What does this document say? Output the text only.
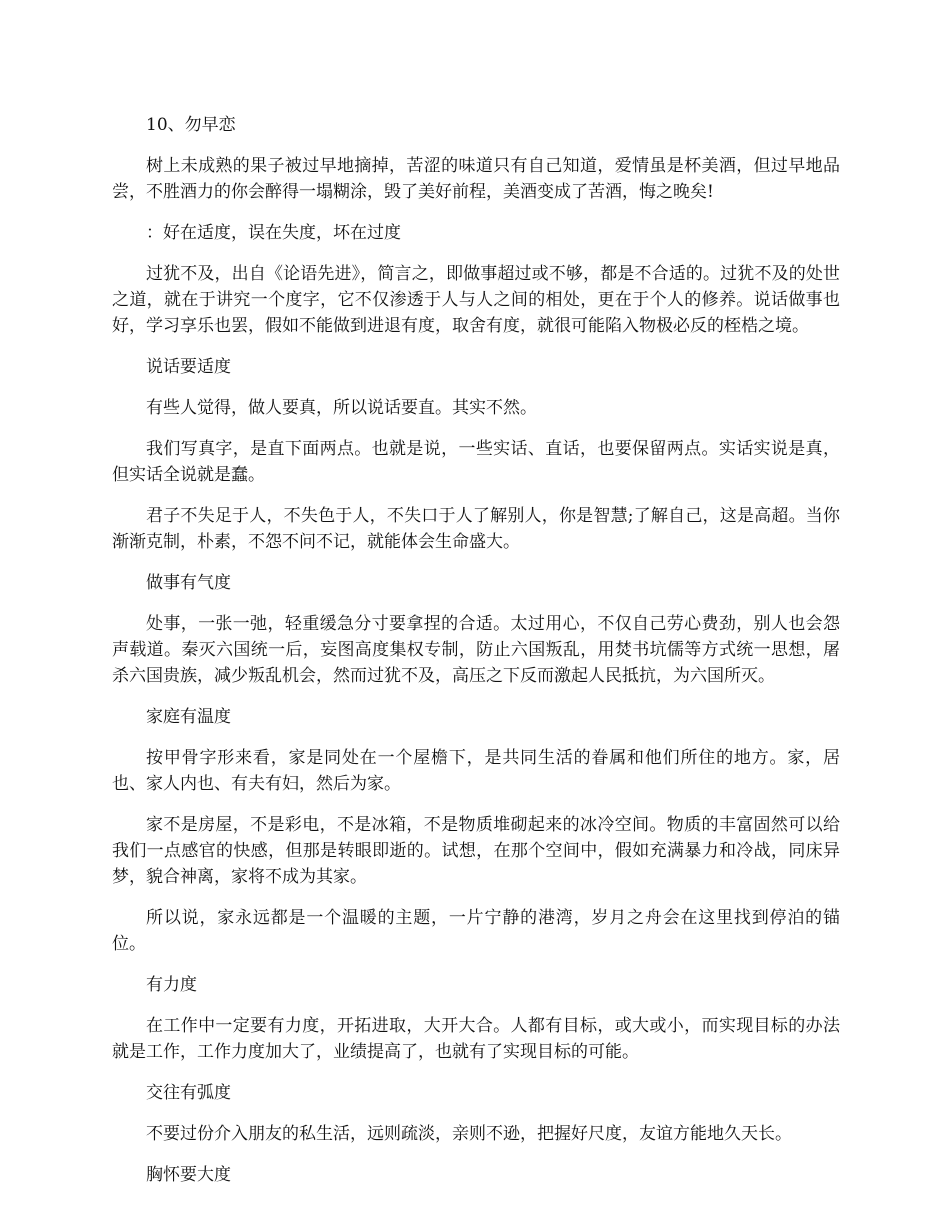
10、勿早恋

树上未成熟的果子被过早地摘掉，苦涩的味道只有自己知道，爱情虽是杯美酒，但过早地品尝，不胜酒力的你会醉得一塌糊涂，毁了美好前程，美酒变成了苦酒，悔之晚矣!

：好在适度，误在失度，坏在过度

过犹不及，出自《论语先进》，简言之，即做事超过或不够，都是不合适的。过犹不及的处世之道，就在于讲究一个度字，它不仅渗透于人与人之间的相处，更在于个人的修养。说话做事也好，学习享乐也罢，假如不能做到进退有度，取舍有度，就很可能陷入物极必反的桎梏之境。

说话要适度

有些人觉得，做人要真，所以说话要直。其实不然。

我们写真字，是直下面两点。也就是说，一些实话、直话，也要保留两点。实话实说是真，但实话全说就是蠢。

君子不失足于人，不失色于人，不失口于人了解别人，你是智慧;了解自己，这是高超。当你渐渐克制，朴素，不怨不问不记，就能体会生命盛大。

做事有气度

处事，一张一弛，轻重缓急分寸要拿捏的合适。太过用心，不仅自己劳心费劲，别人也会怨声载道。秦灭六国统一后，妄图高度集权专制，防止六国叛乱，用焚书坑儒等方式统一思想，屠杀六国贵族，减少叛乱机会，然而过犹不及，高压之下反而激起人民抵抗，为六国所灭。

家庭有温度

按甲骨字形来看，家是同处在一个屋檐下，是共同生活的眷属和他们所住的地方。家，居也、家人内也、有夫有妇，然后为家。

家不是房屋，不是彩电，不是冰箱，不是物质堆砌起来的冰冷空间。物质的丰富固然可以给我们一点感官的快感，但那是转眼即逝的。试想，在那个空间中，假如充满暴力和冷战，同床异梦，貌合神离，家将不成为其家。

所以说，家永远都是一个温暖的主题，一片宁静的港湾，岁月之舟会在这里找到停泊的锚位。

有力度

在工作中一定要有力度，开拓进取，大开大合。人都有目标，或大或小，而实现目标的办法就是工作，工作力度加大了，业绩提高了，也就有了实现目标的可能。

交往有弧度

不要过份介入朋友的私生活，远则疏淡，亲则不逊，把握好尺度，友谊方能地久天长。

胸怀要大度
